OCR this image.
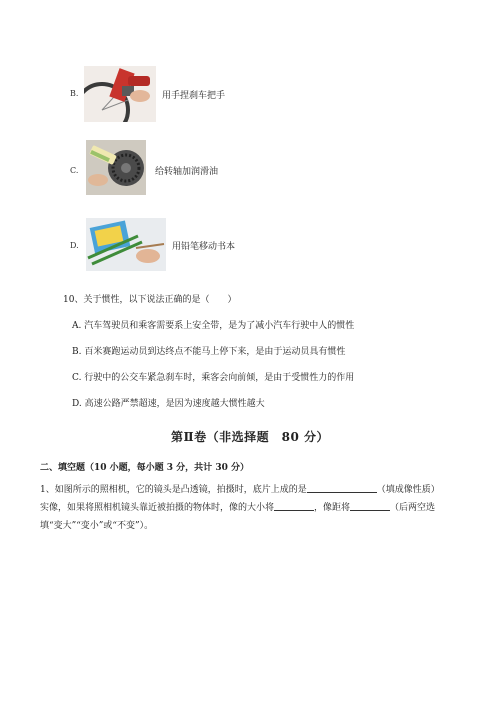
B.	用手捏刹车把手
C.	给转轴加润滑油
D.	用铅笔移动书本
10、关于惯性，以下说法正确的是（　　）
A. 汽车驾驶员和乘客需要系上安全带，是为了减小汽车行驶中人的惯性
B. 百米赛跑运动员到达终点不能马上停下来，是由于运动员具有惯性
C. 行驶中的公交车紧急刹车时，乘客会向前倾，是由于受惯性力的作用
D. 高速公路严禁超速，是因为速度越大惯性越大
第Ⅱ卷（非选择题　80 分）
二、填空题（10 小题，每小题 3 分，共计 30 分）
1、如图所示的照相机，它的镜头是凸透镜，拍摄时，底片上成的是	（填成像性质）
实像，如果将照相机镜头靠近被拍摄的物体时，像的大小将	，像距将	（后两空选
填“变大”“变小”或“不变”）。
